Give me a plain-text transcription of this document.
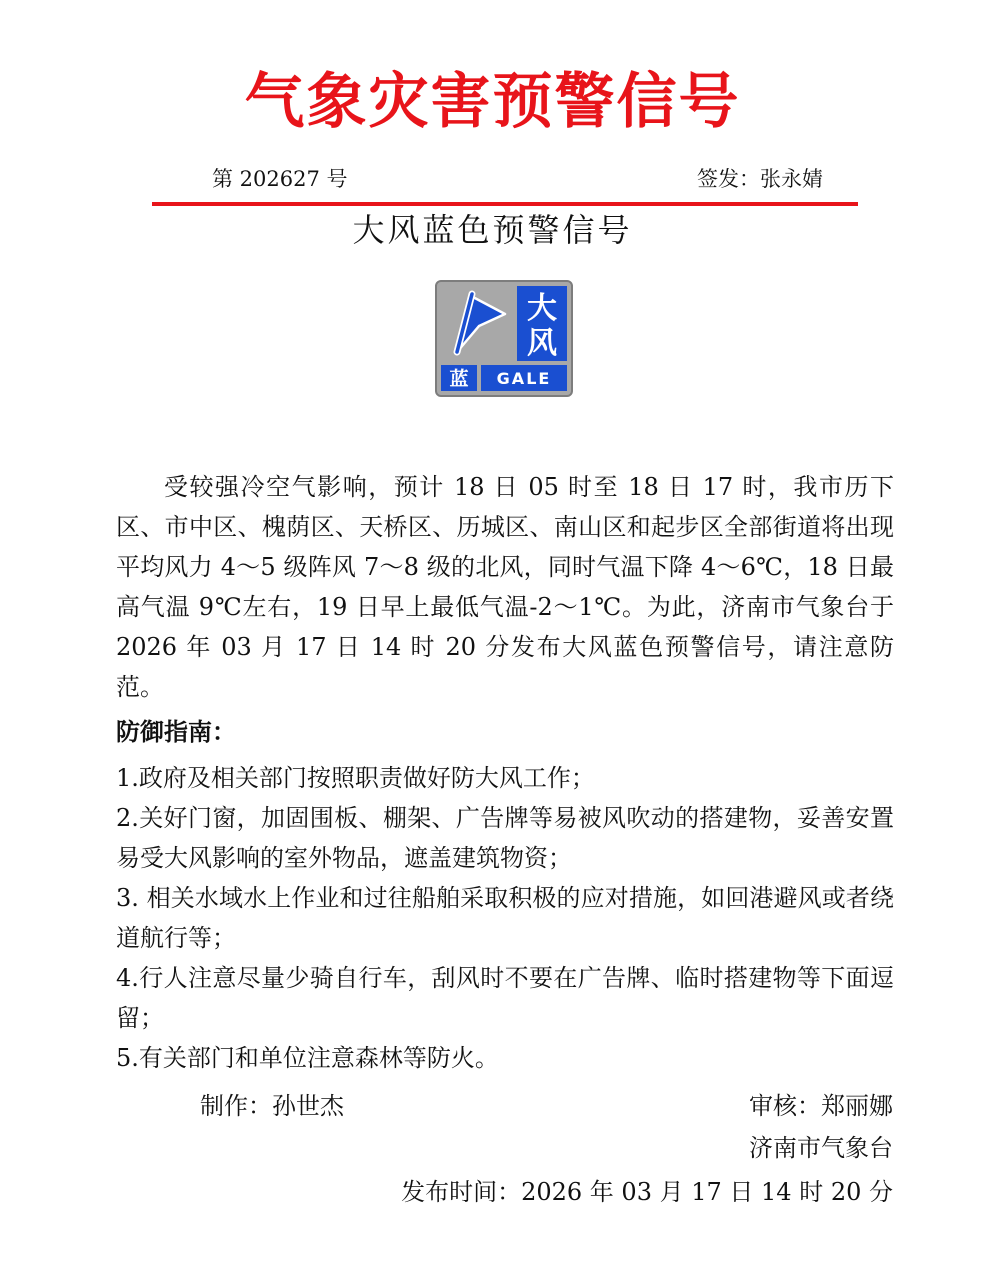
气象灾害预警信号
第 202627 号	签发：张永婧
大风蓝色预警信号
大
风
蓝 GALE

受较强冷空气影响，预计 18 日 05 时至 18 日 17 时，我市历下区、市中区、槐荫区、天桥区、历城区、南山区和起步区全部街道将出现平均风力 4～5 级阵风 7～8 级的北风，同时气温下降 4～6℃，18 日最高气温 9℃左右，19 日早上最低气温-2～1℃。为此，济南市气象台于 2026 年 03 月 17 日 14 时 20 分发布大风蓝色预警信号，请注意防范。

防御指南：
1.政府及相关部门按照职责做好防大风工作；
2.关好门窗，加固围板、棚架、广告牌等易被风吹动的搭建物，妥善安置易受大风影响的室外物品，遮盖建筑物资；
3. 相关水域水上作业和过往船舶采取积极的应对措施，如回港避风或者绕道航行等；
4.行人注意尽量少骑自行车，刮风时不要在广告牌、临时搭建物等下面逗留；
5.有关部门和单位注意森林等防火。
制作：孙世杰	审核：郑丽娜
济南市气象台
发布时间：2026 年 03 月 17 日 14 时 20 分
